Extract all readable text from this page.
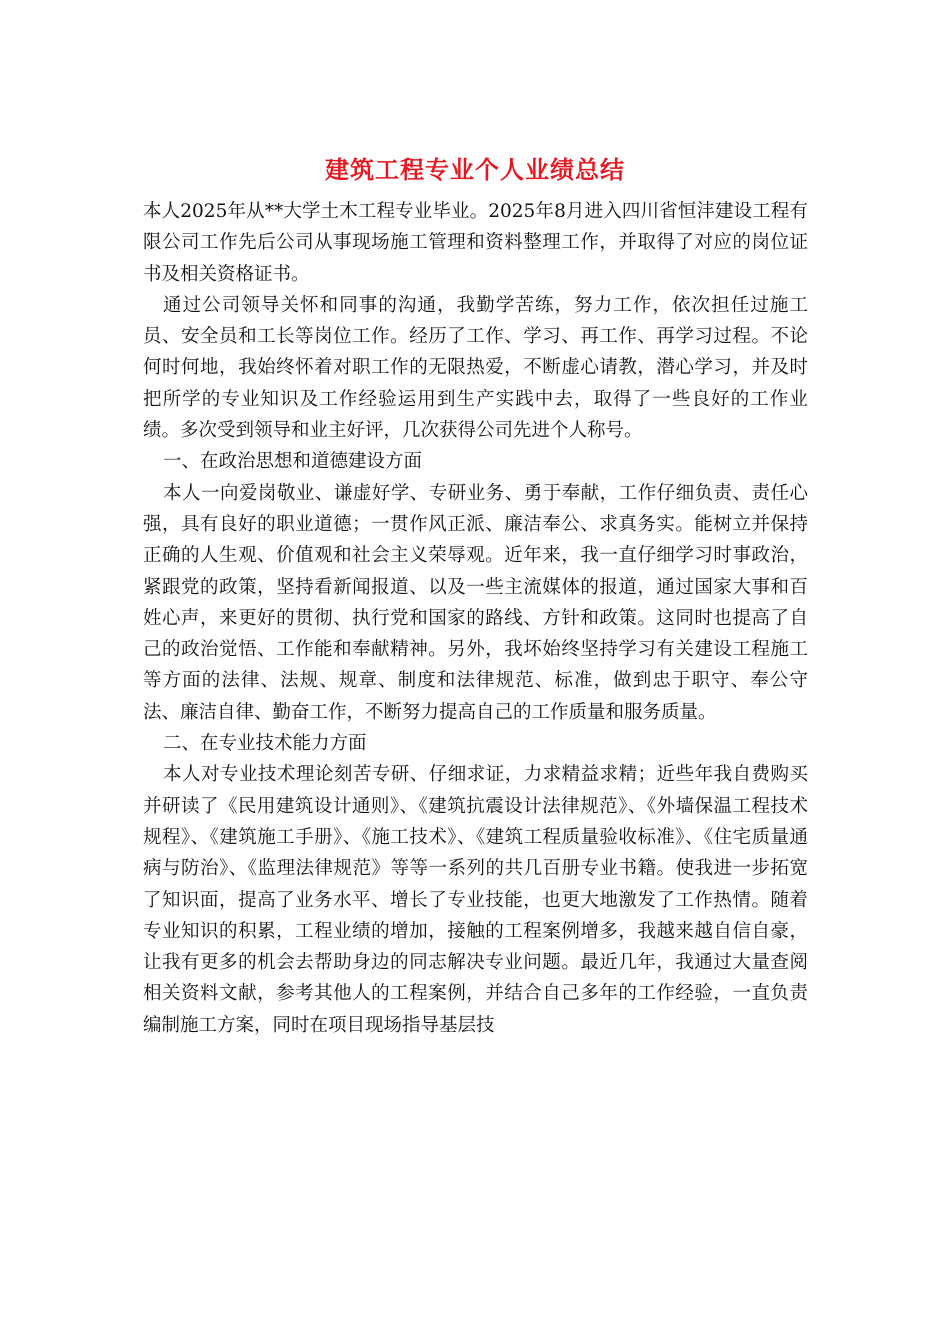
建筑工程专业个人业绩总结

本人2025年从**大学土木工程专业毕业。2025年8月进入四川省恒沣建设工程有限公司工作先后公司从事现场施工管理和资料整理工作，并取得了对应的岗位证书及相关资格证书。

通过公司领导关怀和同事的沟通，我勤学苦练，努力工作，依次担任过施工员、安全员和工长等岗位工作。经历了工作、学习、再工作、再学习过程。不论何时何地，我始终怀着对职工作的无限热爱，不断虚心请教，潜心学习，并及时把所学的专业知识及工作经验运用到生产实践中去，取得了一些良好的工作业绩。多次受到领导和业主好评，几次获得公司先进个人称号。

一、在政治思想和道德建设方面

本人一向爱岗敬业、谦虚好学、专研业务、勇于奉献，工作仔细负责、责任心强，具有良好的职业道德；一贯作风正派、廉洁奉公、求真务实。能树立并保持正确的人生观、价值观和社会主义荣辱观。近年来，我一直仔细学习时事政治，紧跟党的政策，坚持看新闻报道、以及一些主流媒体的报道，通过国家大事和百姓心声，来更好的贯彻、执行党和国家的路线、方针和政策。这同时也提高了自己的政治觉悟、工作能和奉献精神。另外，我坏始终坚持学习有关建设工程施工等方面的法律、法规、规章、制度和法律规范、标准，做到忠于职守、奉公守法、廉洁自律、勤奋工作，不断努力提高自己的工作质量和服务质量。

二、在专业技术能力方面

本人对专业技术理论刻苦专研、仔细求证，力求精益求精；近些年我自费购买并研读了《民用建筑设计通则》、《建筑抗震设计法律规范》、《外墙保温工程技术规程》、《建筑施工手册》、《施工技术》、《建筑工程质量验收标准》、《住宅质量通病与防治》、《监理法律规范》等等一系列的共几百册专业书籍。使我进一步拓宽了知识面，提高了业务水平、增长了专业技能，也更大地激发了工作热情。随着专业知识的积累，工程业绩的增加，接触的工程案例增多，我越来越自信自豪，让我有更多的机会去帮助身边的同志解决专业问题。最近几年，我通过大量查阅相关资料文献，参考其他人的工程案例，并结合自己多年的工作经验，一直负责编制施工方案，同时在项目现场指导基层技
